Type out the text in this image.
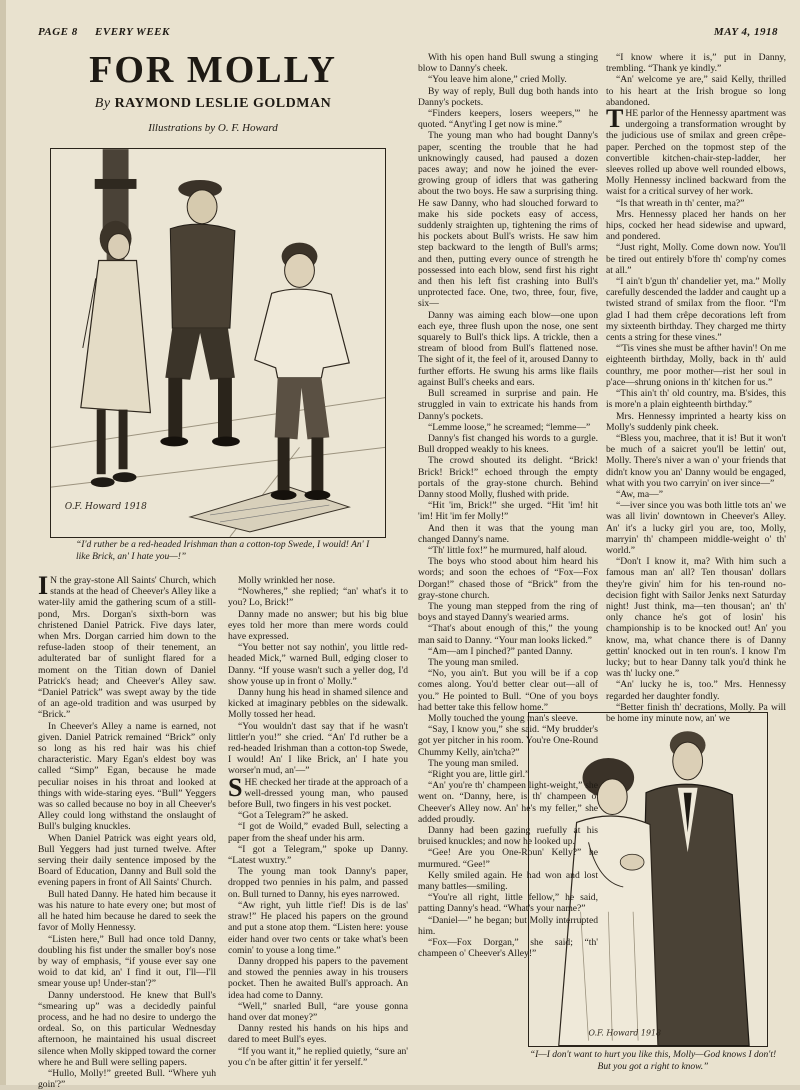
PAGE 8 EVERY WEEK	MAY 4, 1918
FOR MOLLY
By RAYMOND LESLIE GOLDMAN
Illustrations by O. F. Howard
O.F. Howard 1918
“I'd ruther be a red-headed Irishman than a cotton-top Swede, I would! An' I like Brick, an' I hate you—!”
O.F. Howard 1918
“I—I don't want to hurt you like this, Molly—God knows I don't! But you got a right to know.”

IN the gray-stone All Saints' Church, which stands at the head of Cheever's Alley like a water-lily amid the gathering scum of a still-pond, Mrs. Dorgan's sixth-born was christened Daniel Patrick. Five days later, when Mrs. Dorgan carried him down to the refuse-laden stoop of their tenement, an adulterated bar of sunlight flared for a moment on the Titian down of Daniel Patrick's head; and Cheever's Alley saw. “Daniel Patrick” was swept away by the tide of an age-old tradition and was usurped by “Brick.”

In Cheever's Alley a name is earned, not given. Daniel Patrick remained “Brick” only so long as his red hair was his chief characteristic. Mary Egan's eldest boy was called “Simp” Egan, because he made peculiar noises in his throat and looked at things with wide-staring eyes. “Bull” Yeggers was so called because no boy in all Cheever's Alley could long withstand the onslaught of Bull's bulging knuckles.

When Daniel Patrick was eight years old, Bull Yeggers had just turned twelve. After serving their daily sentence imposed by the Board of Education, Danny and Bull sold the evening papers in front of All Saints' Church.

Bull hated Danny. He hated him because it was his nature to hate every one; but most of all he hated him because he dared to seek the favor of Molly Hennessy.

“Listen here,” Bull had once told Danny, doubling his fist under the smaller boy's nose by way of emphasis, “if youse ever say one woid to dat kid, an' I find it out, I'll—I'll smear youse up! Under-stan'?”

Danny understood. He knew that Bull's “smearing up” was a decidedly painful process, and he had no desire to undergo the ordeal. So, on this particular Wednesday afternoon, he maintained his usual discreet silence when Molly skipped toward the corner where he and Bull were selling papers.

“Hullo, Molly!” greeted Bull. “Where yuh goin'?”

Molly wrinkled her nose.

“Nowheres,” she replied; “an' what's it to you? Lo, Brick!”

Danny made no answer; but his big blue eyes told her more than mere words could have expressed.

“You better not say nothin', you little red-headed Mick,” warned Bull, edging closer to Danny. “If youse wasn't such a yeller dog, I'd show youse up in front o' Molly.”

Danny hung his head in shamed silence and kicked at imaginary pebbles on the sidewalk. Molly tossed her head.

“You wouldn't dast say that if he wasn't littler'n you!” she cried. “An' I'd ruther be a red-headed Irishman than a cotton-top Swede, I would! An' I like Brick, an' I hate you worser'n mud, an'—”

SHE checked her tirade at the approach of a well-dressed young man, who paused before Bull, two fingers in his vest pocket.

“Got a Telegram?” he asked.

“I got de Woild,” evaded Bull, selecting a paper from the sheaf under his arm.

“I got a Telegram,” spoke up Danny. “Latest wuxtry.”

The young man took Danny's paper, dropped two pennies in his palm, and passed on. Bull turned to Danny, his eyes narrowed.

“Aw right, yuh little t'ief! Dis is de las' straw!” He placed his papers on the ground and put a stone atop them. “Listen here: youse eider hand over two cents or take what's been comin' to youse a long time.”

Danny dropped his papers to the pavement and stowed the pennies away in his trousers pocket. Then he awaited Bull's approach. An idea had come to Danny.

“Well,” snarled Bull, “are youse gonna hand over dat money?”

Danny rested his hands on his hips and dared to meet Bull's eyes.

“If you want it,” he replied quietly, “sure an' you c'n be after gittin' it fer yerself.”

With his open hand Bull swung a stinging blow to Danny's cheek.

“You leave him alone,” cried Molly.

By way of reply, Bull dug both hands into Danny's pockets.

“Finders keepers, losers weepers,'” he quoted. “Anyt'ing I get now is mine.”

The young man who had bought Danny's paper, scenting the trouble that he had unknowingly caused, had paused a dozen paces away; and now he joined the ever-growing group of idlers that was gathering about the two boys. He saw a surprising thing. He saw Danny, who had slouched forward to make his side pockets easy of access, suddenly straighten up, tightening the rims of his pockets about Bull's wrists. He saw him step backward to the length of Bull's arms; and then, putting every ounce of strength he possessed into each blow, send first his right and then his left fist crashing into Bull's unprotected face. One, two, three, four, five, six—

Danny was aiming each blow—one upon each eye, three flush upon the nose, one sent squarely to Bull's thick lips. A trickle, then a stream of blood from Bull's flattened nose. The sight of it, the feel of it, aroused Danny to further efforts. He swung his arms like flails against Bull's cheeks and ears.

Bull screamed in surprise and pain. He struggled in vain to extricate his hands from Danny's pockets.

“Lemme loose,” he screamed; “lemme—”

Danny's fist changed his words to a gurgle. Bull dropped weakly to his knees.

The crowd shouted its delight. “Brick! Brick! Brick!” echoed through the empty portals of the gray-stone church. Behind Danny stood Molly, flushed with pride.

“Hit 'im, Brick!” she urged. “Hit 'im! hit 'im! Hit 'im fer Molly!”

And then it was that the young man changed Danny's name.

“Th' little fox!” he murmured, half aloud.

The boys who stood about him heard his words; and soon the echoes of “Fox—Fox Dorgan!” chased those of “Brick” from the gray-stone church.

The young man stepped from the ring of boys and stayed Danny's wearied arms.

“That's about enough of this,” the young man said to Danny. “Your man looks licked.”

“Am—am I pinched?” panted Danny.

The young man smiled.

“No, you ain't. But you will be if a cop comes along. You'd better clear out—all of you.” He pointed to Bull. “One of you boys had better take this fellow home.”

Molly touched the young man's sleeve.

“Say, I know you,” she said. “My brudder's got yer pitcher in his room. You're One-Round Chummy Kelly, ain'tcha?”

The young man smiled.

“Right you are, little girl.”

“An' you're th' champeen light-weight,” she went on. “Danny, here, is th' champeen o' Cheever's Alley now. An' he's my feller,” she added proudly.

Danny had been gazing ruefully at his bruised knuckles; and now he looked up.

“Gee! Are you One-Roun' Kelly?” he murmured. “Gee!”

Kelly smiled again. He had won and lost many battles—smiling.

“You're all right, little fellow,” he said, patting Danny's head. “What's your name?”

“Daniel—” he began; but Molly interrupted him.

“Fox—Fox Dorgan,” she said; “th' champeen o' Cheever's Alley!”

“I know where it is,” put in Danny, trembling. “Thank ye kindly.”

“An' welcome ye are,” said Kelly, thrilled to his heart at the Irish brogue so long abandoned.

THE parlor of the Hennessy apartment was undergoing a transformation wrought by the judicious use of smilax and green crêpe-paper. Perched on the topmost step of the convertible kitchen-chair-step-ladder, her sleeves rolled up above well rounded elbows, Molly Hennessy inclined backward from the waist for a critical survey of her work.

“Is that wreath in th' center, ma?”

Mrs. Hennessy placed her hands on her hips, cocked her head sidewise and upward, and pondered.

“Just right, Molly. Come down now. You'll be tired out entirely b'fore th' comp'ny comes at all.”

“I ain't b'gun th' chandelier yet, ma.” Molly carefully descended the ladder and caught up a twisted strand of smilax from the floor. “I'm glad I had them crêpe decorations left from my sixteenth birthday. They charged me thirty cents a string for these vines.”

“'Tis vines she must be afther havin'! On me eighteenth birthday, Molly, back in th' auld counthry, me poor mother—rist her soul in p'ace—shrung onions in th' kitchen for us.”

“This ain't th' old country, ma. B'sides, this is more'n a plain eighteenth birthday.”

Mrs. Hennessy imprinted a hearty kiss on Molly's suddenly pink cheek.

“Bless you, machree, that it is! But it won't be much of a saicret you'll be lettin' out, Molly. There's niver a wan o' your friends that didn't know you an' Danny would be engaged, what with you two carryin' on iver since—”

“Aw, ma—”

“—iver since you was both little tots an' we was all livin' downtown in Cheever's Alley. An' it's a lucky girl you are, too, Molly, marryin' th' champeen middle-weight o' th' world.”

“Don't I know it, ma? With him such a famous man an' all? Ten thousan' dollars they're givin' him for his ten-round no-decision fight with Sailor Jenks next Saturday night! Just think, ma—ten thousan'; an' th' only chance he's got of losin' his championship is to be knocked out! An' you know, ma, what chance there is of Danny gettin' knocked out in ten roun's. I know I'm lucky; but to hear Danny talk you'd think he was th' lucky one.”

“An' lucky he is, too.” Mrs. Hennessy regarded her daughter fondly.

“Better finish th' decrations, Molly. Pa will be home iny minute now, an' we
